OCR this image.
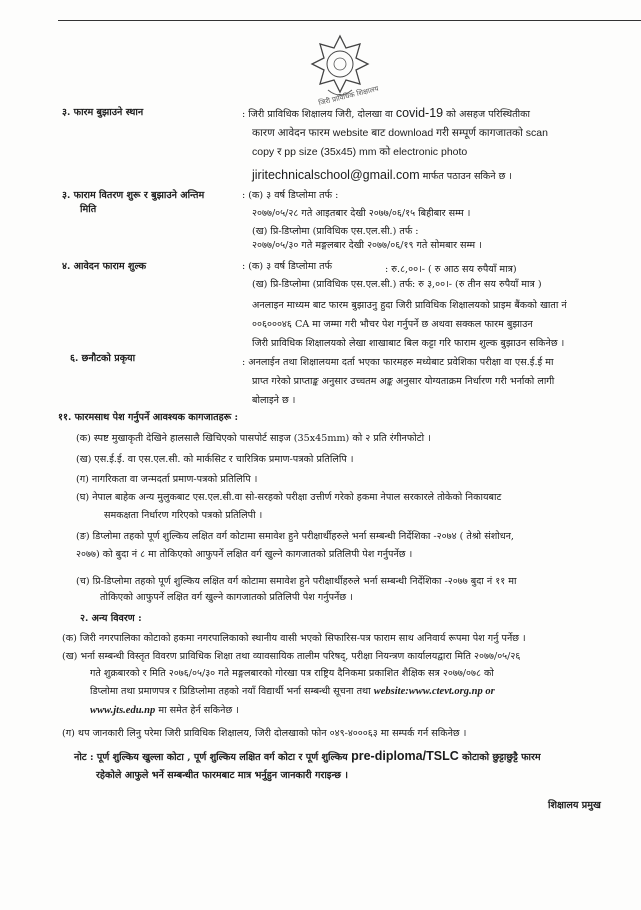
जिरी प्राविधिक शिक्षालय
३. फारम बुझाउने स्थान	: जिरी प्राविधिक शिक्षालय जिरी, दोलखा वा covid-19 को असहज परिस्थितीका
कारण आवेदन फारम website बाट download गरी सम्पूर्ण कागजातको scan
copy र pp size (35x45) mm को electronic photo
jiritechnicalschool@gmail.com मार्फत पठाउन सकिने छ ।
३. फाराम वितरण शुरू र बुझाउने अन्तिम
मिति
: (क) ३ वर्ष डिप्लोमा तर्फ :
२०७७/०५/२८ गते आइतबार देखी २०७७/०६/१५ बिहीबार सम्म ।
(ख) प्रि-डिप्लोमा (प्राविधिक एस.एल.सी.) तर्फ :
२०७७/०५/३० गते मङ्गलबार देखी २०७७/०६/१९ गते सोमबार सम्म ।
४. आवेदन फाराम शुल्क	: (क) ३ वर्ष डिप्लोमा तर्फ	: रु.८,००।- ( रु आठ सय रुपैयाँ मात्र)
(ख) प्रि-डिप्लोमा (प्राविधिक एस.एल.सी.) तर्फ : रु ३,००।- (रु तीन सय रुपैयाँ मात्र )
अनलाइन माध्यम बाट फारम बुझाउनु हुदा जिरी प्राविधिक शिक्षालयको प्राइम बैंकको खाता नं
००६०००४६ CA मा जम्मा गरी भौचर पेश गर्नुपर्ने छ अथवा सक्कल फारम बुझाउन
जिरी प्राविधिक शिक्षालयको लेखा शाखाबाट बिल कट्टा गरि फाराम शुल्क बुझाउन सकिनेछ ।
६. छनौटको प्रकृया	: अनलाईन तथा शिक्षालयमा दर्ता भएका फारमहरु मध्येबाट प्रवेशिका परीक्षा वा एस.ई.ई मा
प्राप्त गरेको प्राप्ताङ्क अनुसार उच्चतम अङ्क अनुसार योग्यताक्रम निर्धारण गरी भर्नाको लागी
बोलाइने छ ।
११. फारमसाथ पेश गर्नुपर्ने आवश्यक कागजातहरू :
(क) स्पष्ट मुखाकृती देखिने हालसालै खिचिएको पासपोर्ट साइज (35x45mm) को २ प्रति रंगीनफोटो ।
(ख) एस.ई.ई. वा एस.एल.सी. को मार्कसिट र चारित्रिक प्रमाण-पत्रको प्रतिलिपि ।
(ग) नागरिकता वा जन्मदर्ता प्रमाण-पत्रको प्रतिलिपि ।
(घ) नेपाल बाहेक अन्य मुलुकबाट एस.एल.सी.वा सो-सरहको परीक्षा उत्तीर्ण गरेको हकमा नेपाल सरकारले तोकेको निकायबाट
समकक्षता निर्धारण गरिएको पत्रको प्रतिलिपी ।
(ङ) डिप्लोमा तहको पूर्ण शुल्किय लक्षित वर्ग कोटामा समावेश हुने परीक्षार्थीहरुले भर्ना सम्बन्धी निर्देशिका -२०७४ ( तेश्रो संशोधन,
२०७७) को बुदा नं ८ मा तोकिएको आफुपर्ने लक्षित वर्ग खुल्ने कागजातको प्रतिलिपी पेश गर्नुपर्नेछ ।
(च) प्रि-डिप्लोमा तहको पूर्ण शुल्किय लक्षित वर्ग कोटामा समावेश हुने परीक्षार्थीहरुले भर्ना सम्बन्धी निर्देशिका -२०७७ बुदा नं ११ मा
तोकिएको आफुपर्ने लक्षित वर्ग खुल्ने कागजातको प्रतिलिपी पेश गर्नुपर्नेछ ।
२. अन्य विवरण :
(क) जिरी नगरपालिका कोटाको हकमा नगरपालिकाको स्थानीय वासी भएको सिफारिस-पत्र फाराम साथ अनिवार्य रूपमा पेश गर्नु पर्नेछ ।
(ख) भर्ना सम्बन्धी विस्तृत विवरण प्राविधिक शिक्षा तथा व्यावसायिक तालीम परिषद्, परीक्षा नियन्त्रण कार्यालयद्वारा मिति २०७७/०५/२६
गते शुक्रबारको र मिति २०७६/०५/३० गते मङ्गलबारको गोरखा पत्र राष्ट्रिय दैनिकमा प्रकाशित शैक्षिक सत्र २०७७/०७८ को
डिप्लोमा तथा प्रमाणपत्र र प्रिडिप्लोमा तहको नयाँ विद्यार्थी भर्ना सम्बन्धी सूचना तथा website:www.ctevt.org.np or
www.jts.edu.np मा समेत हेर्न सकिनेछ ।
(ग) थप जानकारी लिनु परेमा जिरी प्राविधिक शिक्षालय, जिरी दोलखाको फोन ०४९-४०००६३ मा सम्पर्क गर्न सकिनेछ ।
नोट : पूर्ण शुल्किय खुल्ला कोटा , पूर्ण शुल्किय लक्षित वर्ग कोटा र पूर्ण शुल्किय pre-diploma/TSLC कोटाको छुट्टाछुट्टै फारम
रहेकोले आफुले भर्ने सम्बन्धीत फारमबाट मात्र भर्नुहुन जानकारी गराइन्छ ।
शिक्षालय प्रमुख
